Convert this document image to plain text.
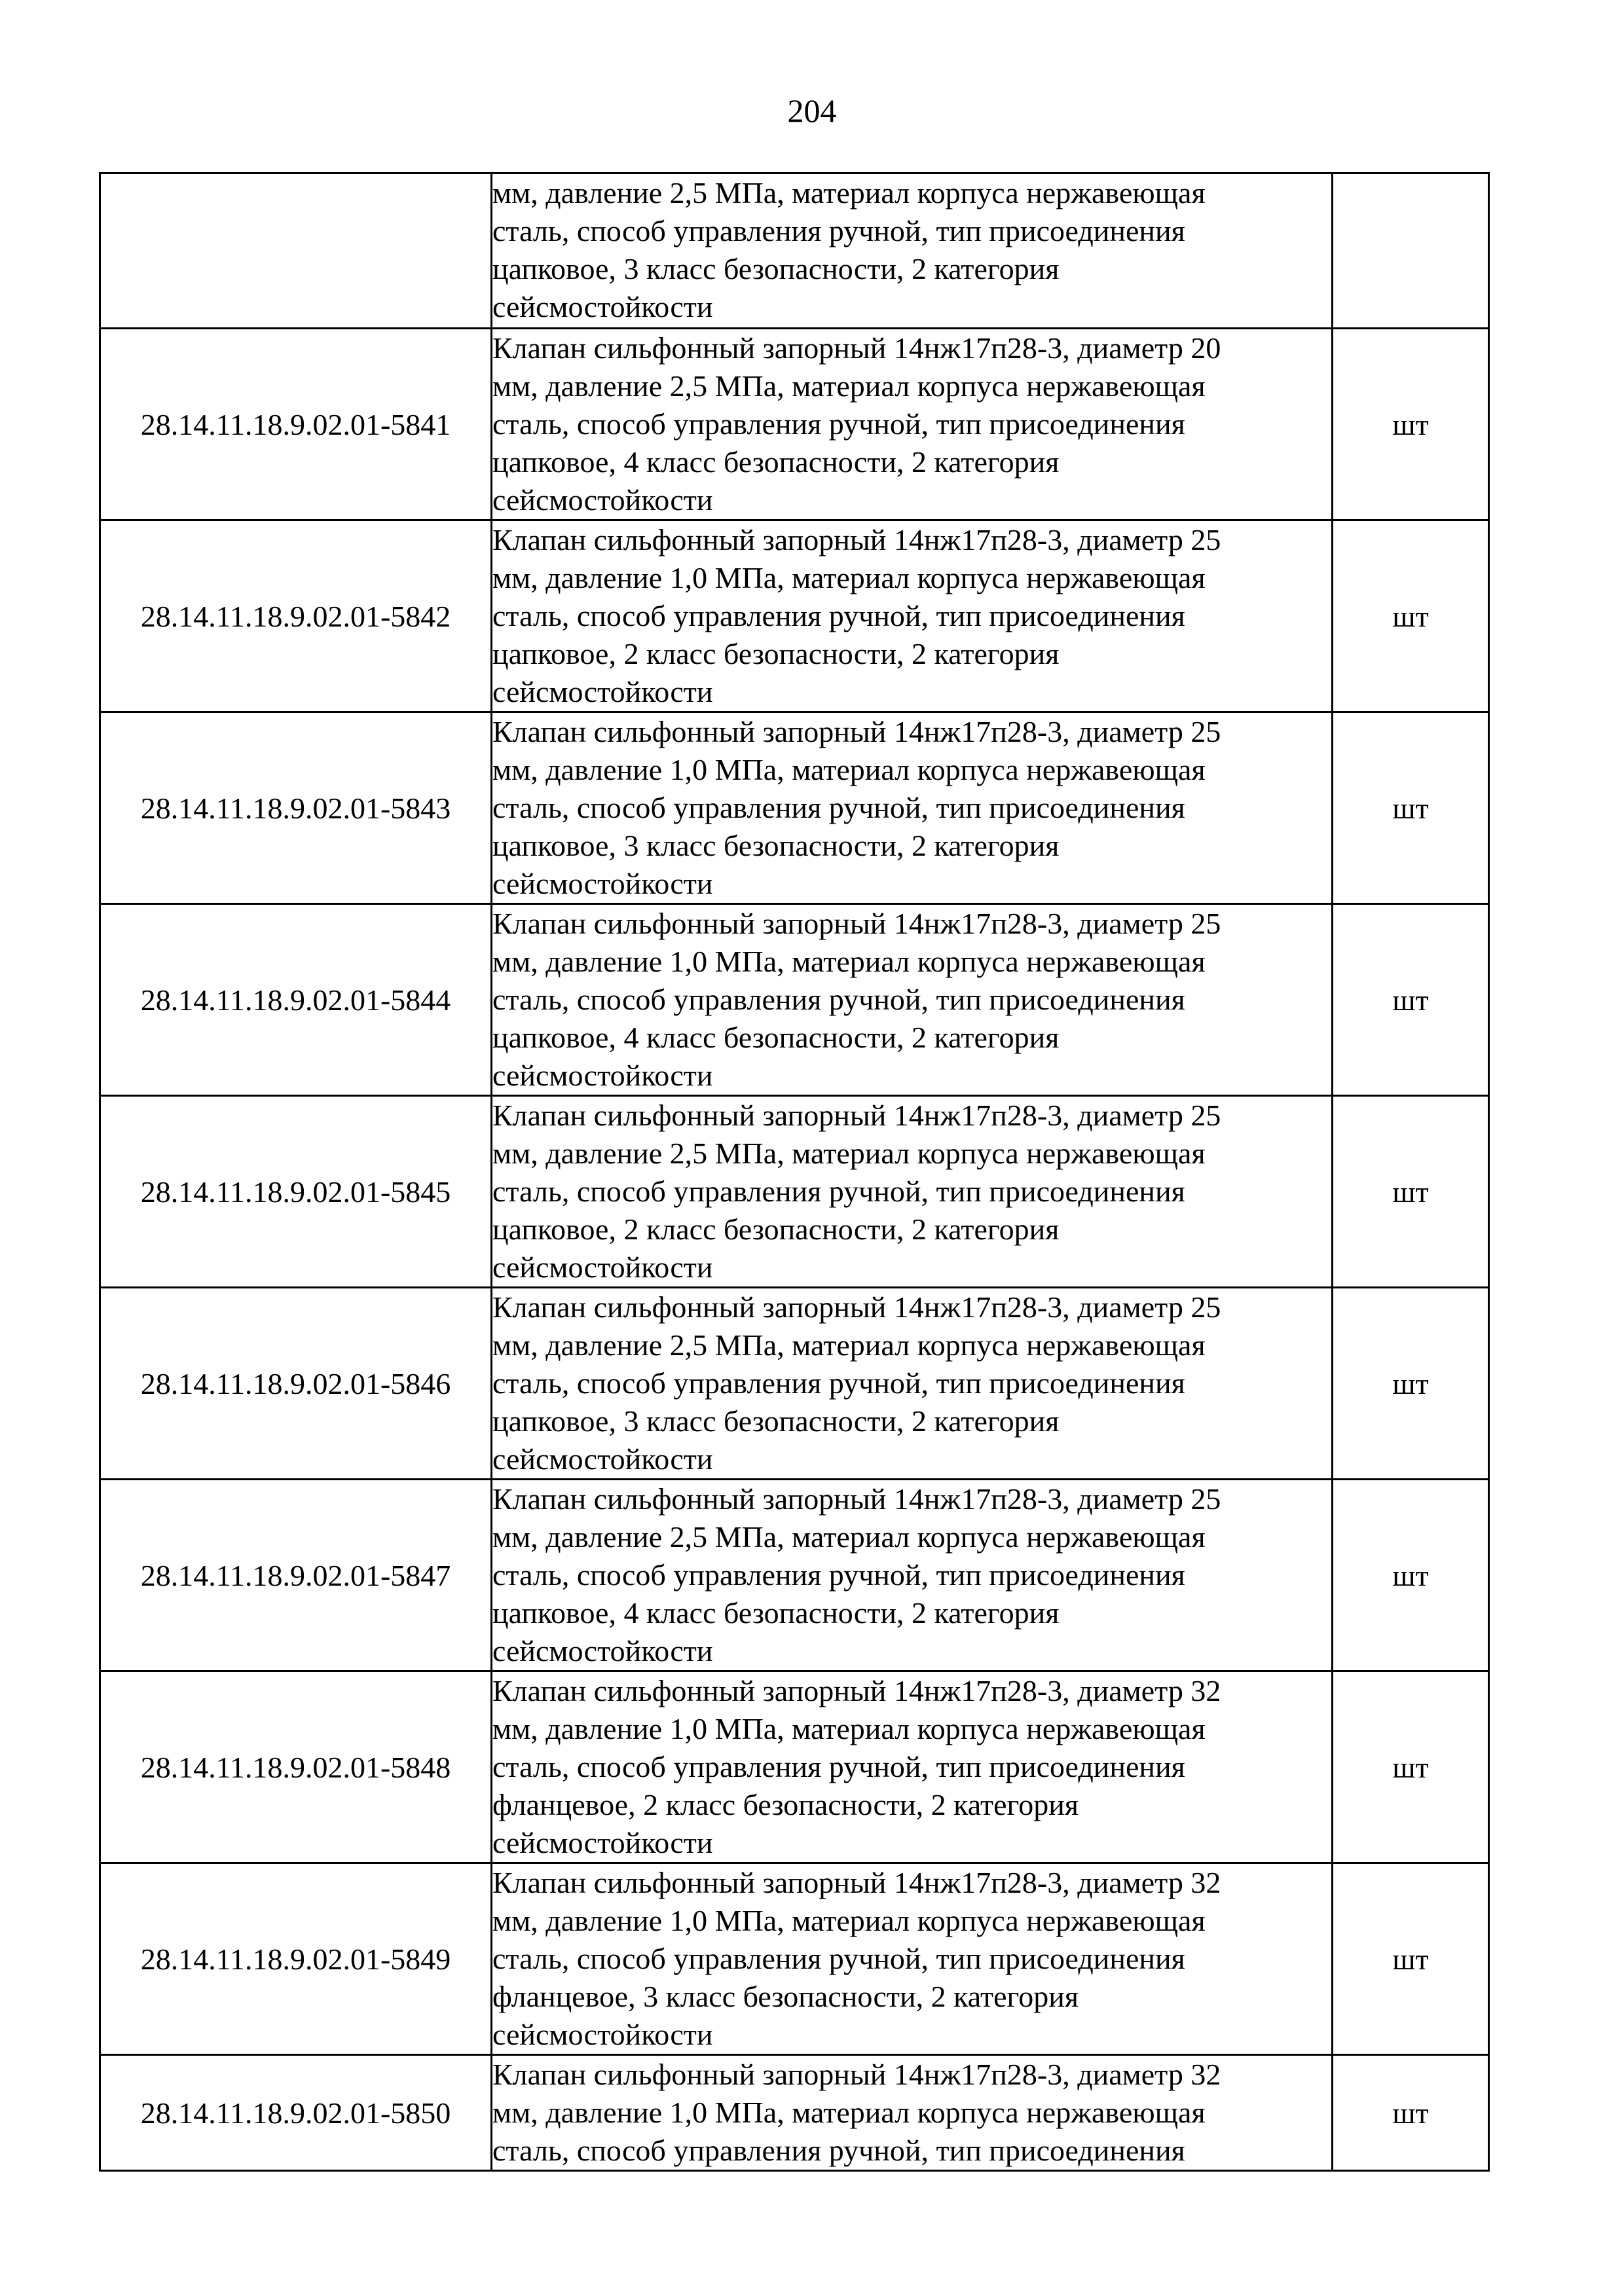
204

	мм, давление 2,5 МПа, материал корпуса нержавеющая
сталь, способ управления ручной, тип присоединения
цапковое, 3 класс безопасности, 2 категория
сейсмостойкости	

28.14.11.18.9.02.01-5841	Клапан сильфонный запорный 14нж17п28-3, диаметр 20
мм, давление 2,5 МПа, материал корпуса нержавеющая
сталь, способ управления ручной, тип присоединения
цапковое, 4 класс безопасности, 2 категория
сейсмостойкости	шт
28.14.11.18.9.02.01-5842	Клапан сильфонный запорный 14нж17п28-3, диаметр 25
мм, давление 1,0 МПа, материал корпуса нержавеющая
сталь, способ управления ручной, тип присоединения
цапковое, 2 класс безопасности, 2 категория
сейсмостойкости	шт
28.14.11.18.9.02.01-5843	Клапан сильфонный запорный 14нж17п28-3, диаметр 25
мм, давление 1,0 МПа, материал корпуса нержавеющая
сталь, способ управления ручной, тип присоединения
цапковое, 3 класс безопасности, 2 категория
сейсмостойкости	шт
28.14.11.18.9.02.01-5844	Клапан сильфонный запорный 14нж17п28-3, диаметр 25
мм, давление 1,0 МПа, материал корпуса нержавеющая
сталь, способ управления ручной, тип присоединения
цапковое, 4 класс безопасности, 2 категория
сейсмостойкости	шт
28.14.11.18.9.02.01-5845	Клапан сильфонный запорный 14нж17п28-3, диаметр 25
мм, давление 2,5 МПа, материал корпуса нержавеющая
сталь, способ управления ручной, тип присоединения
цапковое, 2 класс безопасности, 2 категория
сейсмостойкости	шт
28.14.11.18.9.02.01-5846	Клапан сильфонный запорный 14нж17п28-3, диаметр 25
мм, давление 2,5 МПа, материал корпуса нержавеющая
сталь, способ управления ручной, тип присоединения
цапковое, 3 класс безопасности, 2 категория
сейсмостойкости	шт
28.14.11.18.9.02.01-5847	Клапан сильфонный запорный 14нж17п28-3, диаметр 25
мм, давление 2,5 МПа, материал корпуса нержавеющая
сталь, способ управления ручной, тип присоединения
цапковое, 4 класс безопасности, 2 категория
сейсмостойкости	шт
28.14.11.18.9.02.01-5848	Клапан сильфонный запорный 14нж17п28-3, диаметр 32
мм, давление 1,0 МПа, материал корпуса нержавеющая
сталь, способ управления ручной, тип присоединения
фланцевое, 2 класс безопасности, 2 категория
сейсмостойкости	шт
28.14.11.18.9.02.01-5849	Клапан сильфонный запорный 14нж17п28-3, диаметр 32
мм, давление 1,0 МПа, материал корпуса нержавеющая
сталь, способ управления ручной, тип присоединения
фланцевое, 3 класс безопасности, 2 категория
сейсмостойкости	шт
28.14.11.18.9.02.01-5850	Клапан сильфонный запорный 14нж17п28-3, диаметр 32
мм, давление 1,0 МПа, материал корпуса нержавеющая
сталь, способ управления ручной, тип присоединения	шт
